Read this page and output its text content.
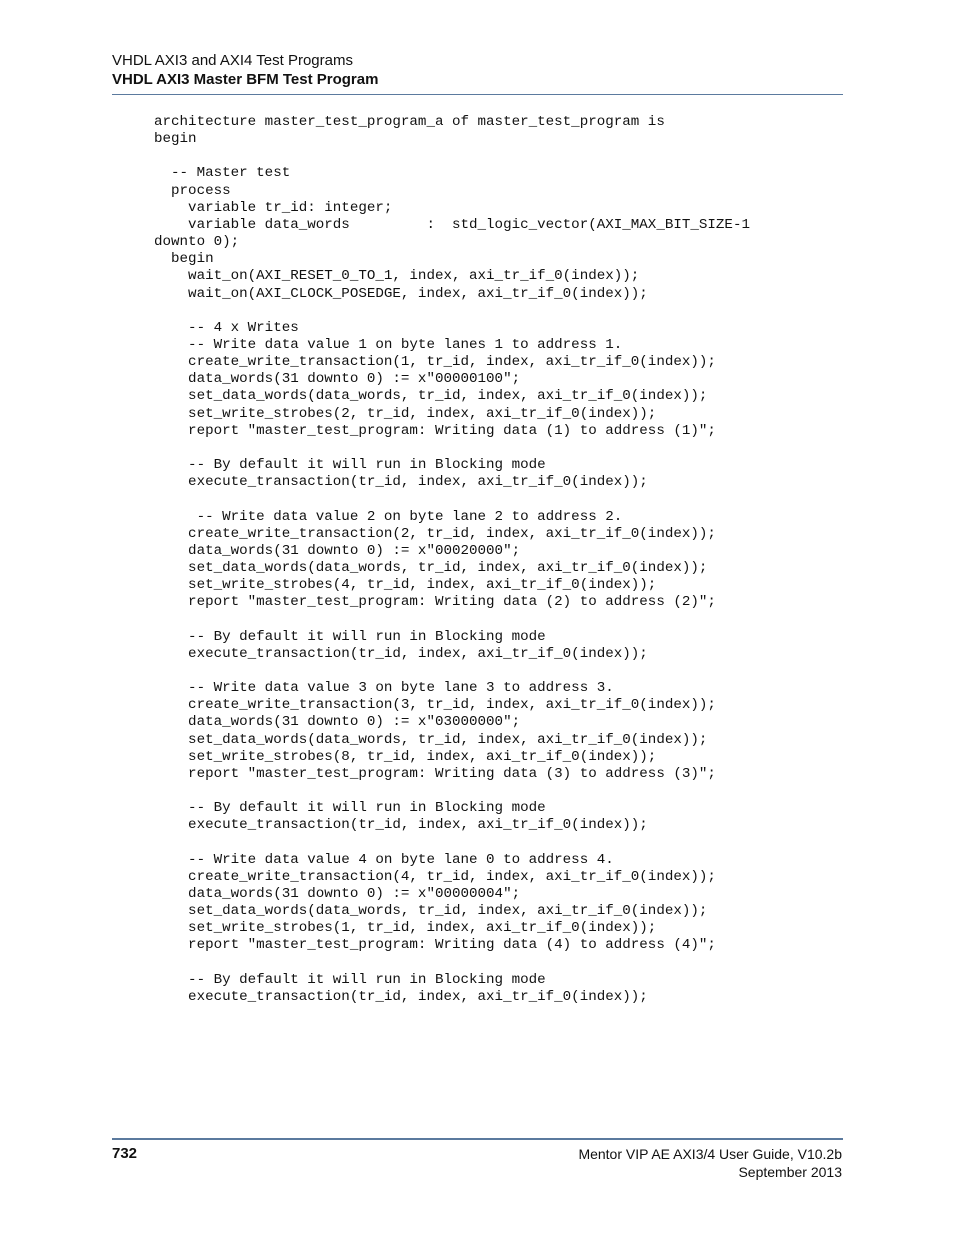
VHDL AXI3 and AXI4 Test Programs

VHDL AXI3 Master BFM Test Program

architecture master_test_program_a of master_test_program is
begin
-- Master test
process
variable tr_id: integer;
variable data_words         :  std_logic_vector(AXI_MAX_BIT_SIZE-1
downto 0);
begin
wait_on(AXI_RESET_0_TO_1, index, axi_tr_if_0(index));
wait_on(AXI_CLOCK_POSEDGE, index, axi_tr_if_0(index));
-- 4 x Writes
-- Write data value 1 on byte lanes 1 to address 1.
create_write_transaction(1, tr_id, index, axi_tr_if_0(index));
data_words(31 downto 0) := x"00000100";
set_data_words(data_words, tr_id, index, axi_tr_if_0(index));
set_write_strobes(2, tr_id, index, axi_tr_if_0(index));
report "master_test_program: Writing data (1) to address (1)";
-- By default it will run in Blocking mode
execute_transaction(tr_id, index, axi_tr_if_0(index));
-- Write data value 2 on byte lane 2 to address 2.
create_write_transaction(2, tr_id, index, axi_tr_if_0(index));
data_words(31 downto 0) := x"00020000";
set_data_words(data_words, tr_id, index, axi_tr_if_0(index));
set_write_strobes(4, tr_id, index, axi_tr_if_0(index));
report "master_test_program: Writing data (2) to address (2)";
-- By default it will run in Blocking mode
execute_transaction(tr_id, index, axi_tr_if_0(index));
-- Write data value 3 on byte lane 3 to address 3.
create_write_transaction(3, tr_id, index, axi_tr_if_0(index));
data_words(31 downto 0) := x"03000000";
set_data_words(data_words, tr_id, index, axi_tr_if_0(index));
set_write_strobes(8, tr_id, index, axi_tr_if_0(index));
report "master_test_program: Writing data (3) to address (3)";
-- By default it will run in Blocking mode
execute_transaction(tr_id, index, axi_tr_if_0(index));
-- Write data value 4 on byte lane 0 to address 4.
create_write_transaction(4, tr_id, index, axi_tr_if_0(index));
data_words(31 downto 0) := x"00000004";
set_data_words(data_words, tr_id, index, axi_tr_if_0(index));
set_write_strobes(1, tr_id, index, axi_tr_if_0(index));
report "master_test_program: Writing data (4) to address (4)";
-- By default it will run in Blocking mode
execute_transaction(tr_id, index, axi_tr_if_0(index));
732	Mentor VIP AE AXI3/4 User Guide, V10.2b
September 2013
